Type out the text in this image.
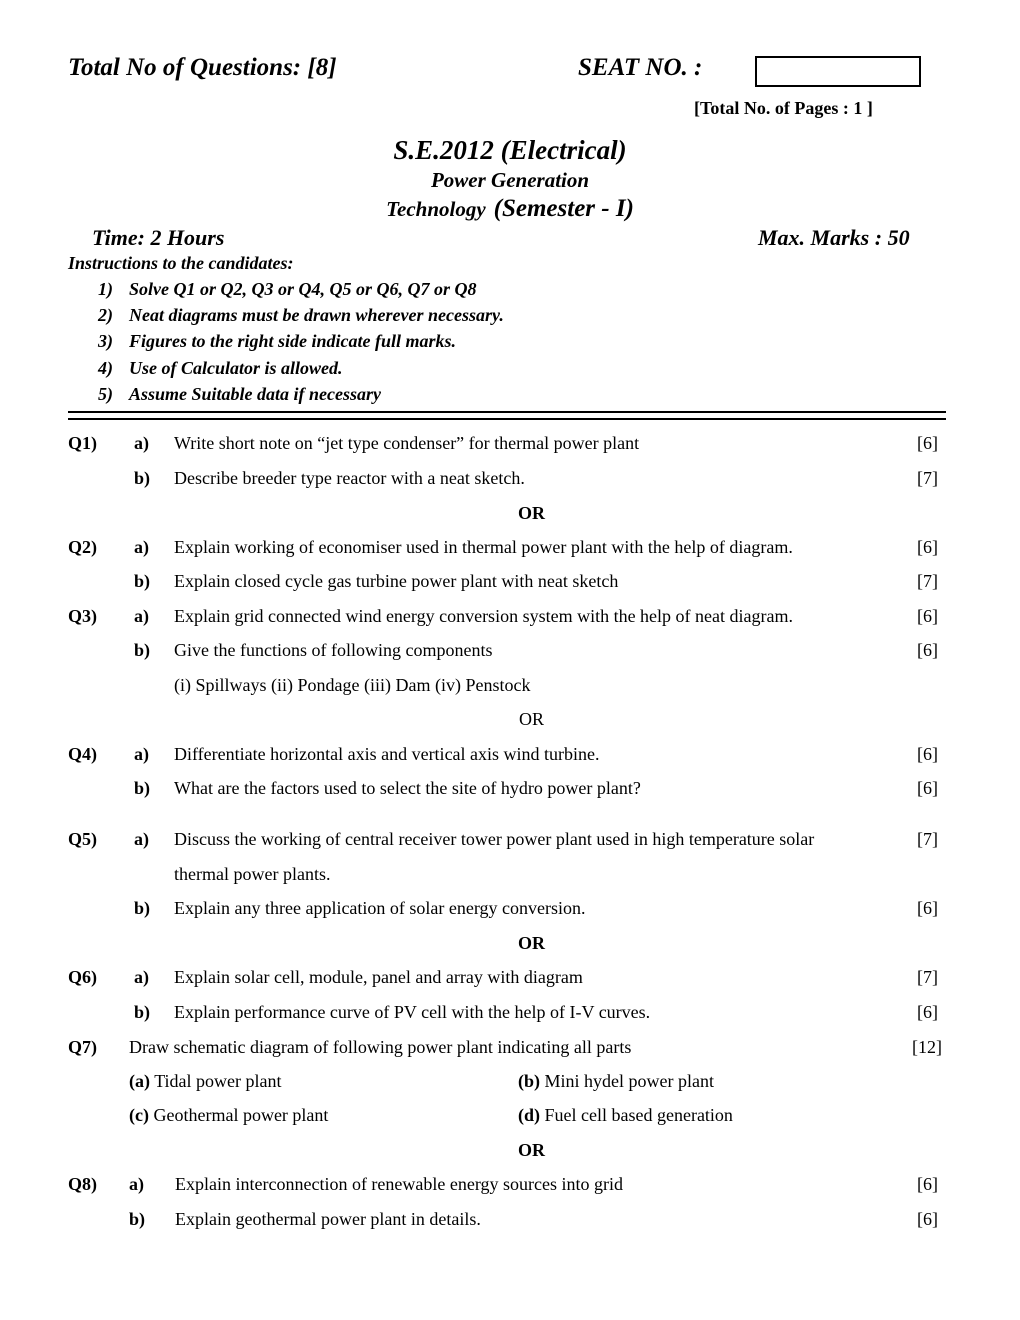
Total No of Questions: [8]	SEAT NO. :
[Total No. of Pages : 1 ]
S.E.2012 (Electrical)
Power Generation
Technology (Semester - I)
Time: 2 Hours	Max. Marks : 50
Instructions to the candidates:
1) Solve Q1 or Q2, Q3 or Q4, Q5 or Q6, Q7 or Q8
2) Neat diagrams must be drawn wherever necessary.
3) Figures to the right side indicate full marks.
4) Use of Calculator is allowed.
5) Assume Suitable data if necessary
Q1) a) Write short note on “jet type condenser” for thermal power plant	[6]
b) Describe breeder type reactor with a neat sketch.	[7]
OR
Q2) a) Explain working of economiser used in thermal power plant with the help of diagram.	[6]
b) Explain closed cycle gas turbine power plant with neat sketch	[7]
Q3) a) Explain grid connected wind energy conversion system with the help of neat diagram.	[6]
b) Give the functions of following components	[6]
(i) Spillways (ii) Pondage (iii) Dam (iv) Penstock
OR
Q4) a) Differentiate horizontal axis and vertical axis wind turbine.	[6]
b) What are the factors used to select the site of hydro power plant?	[6]
Q5) a) Discuss the working of central receiver tower power plant used in high temperature solar	[7]
thermal power plants.
b) Explain any three application of solar energy conversion.	[6]
OR
Q6) a) Explain solar cell, module, panel and array with diagram	[7]
b) Explain performance curve of PV cell with the help of I-V curves.	[6]
Q7) Draw schematic diagram of following power plant indicating all parts	[12]
(a) Tidal power plant	(b) Mini hydel power plant
(c) Geothermal power plant	(d) Fuel cell based generation
OR
Q8) a) Explain interconnection of renewable energy sources into grid	[6]
b) Explain geothermal power plant in details.	[6]
